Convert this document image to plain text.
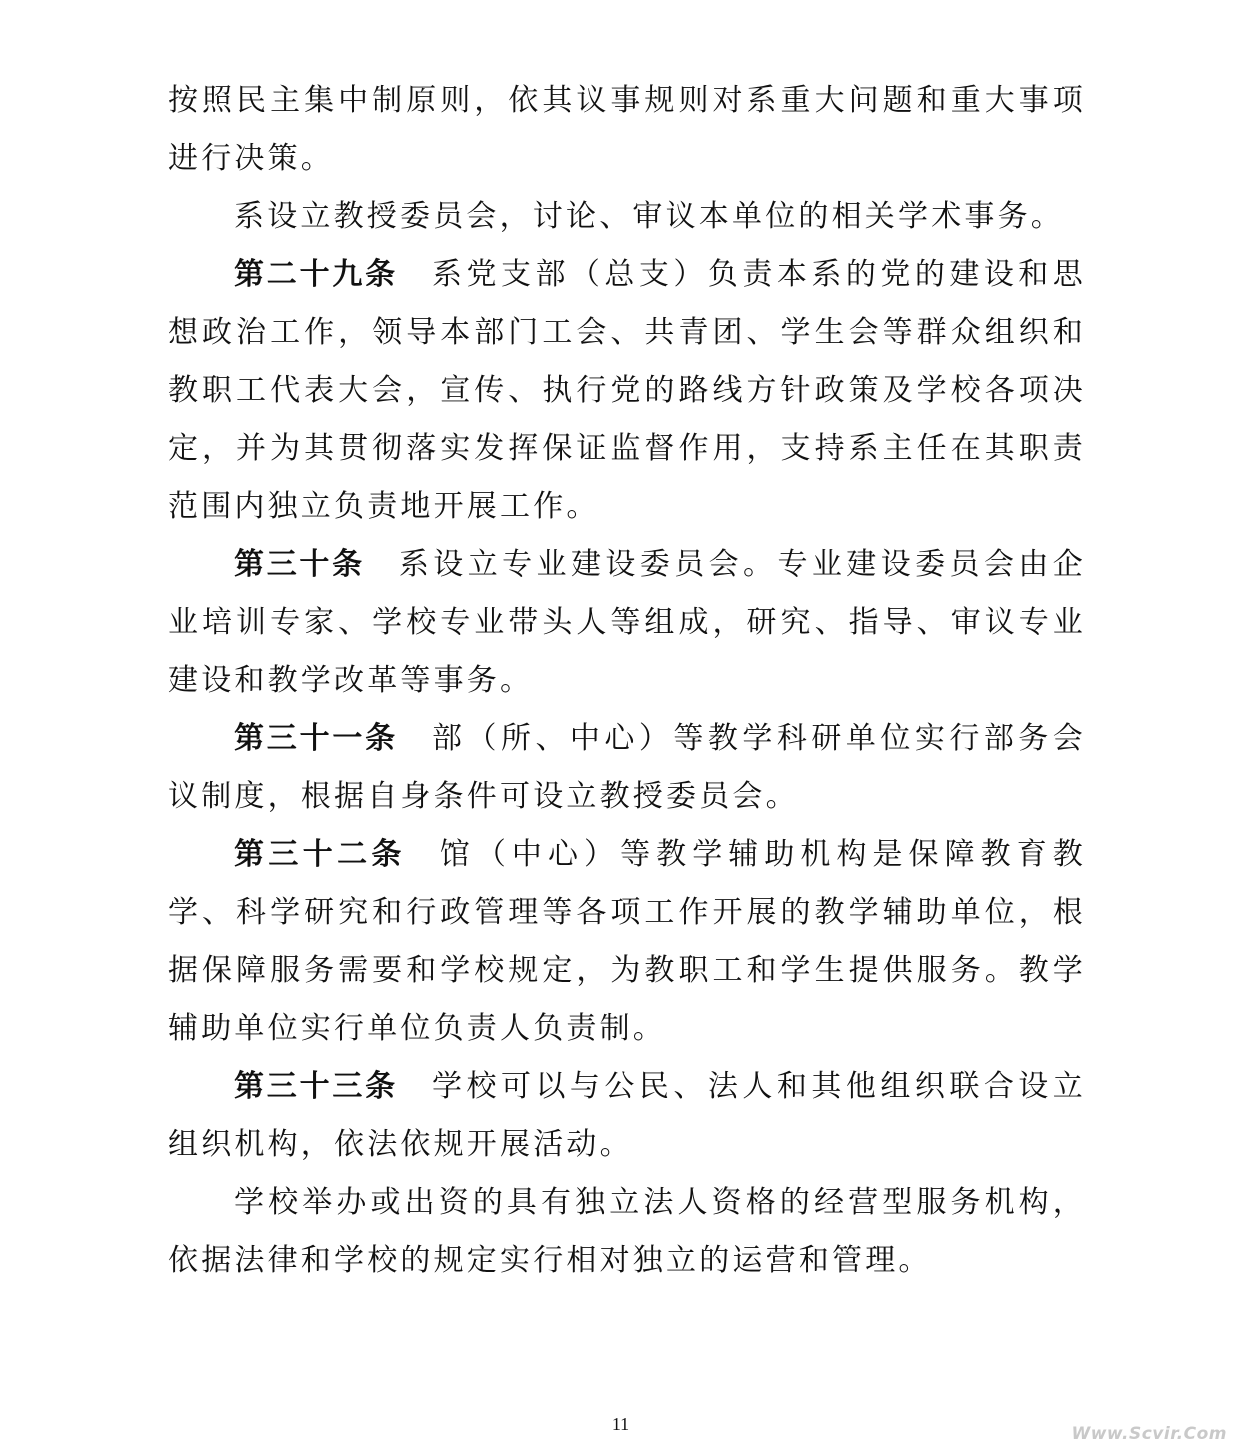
按照民主集中制原则，依其议事规则对系重大问题和重大事项进行决策。

系设立教授委员会，讨论、审议本单位的相关学术事务。

第二十九条 系党支部（总支）负责本系的党的建设和思想政治工作，领导本部门工会、共青团、学生会等群众组织和教职工代表大会，宣传、执行党的路线方针政策及学校各项决定，并为其贯彻落实发挥保证监督作用，支持系主任在其职责范围内独立负责地开展工作。

第三十条 系设立专业建设委员会。专业建设委员会由企业培训专家、学校专业带头人等组成，研究、指导、审议专业建设和教学改革等事务。

第三十一条 部（所、中心）等教学科研单位实行部务会议制度，根据自身条件可设立教授委员会。

第三十二条 馆（中心）等教学辅助机构是保障教育教学、科学研究和行政管理等各项工作开展的教学辅助单位，根据保障服务需要和学校规定，为教职工和学生提供服务。教学辅助单位实行单位负责人负责制。

第三十三条 学校可以与公民、法人和其他组织联合设立组织机构，依法依规开展活动。

学校举办或出资的具有独立法人资格的经营型服务机构，依据法律和学校的规定实行相对独立的运营和管理。

11	Www.Scvir.Com
